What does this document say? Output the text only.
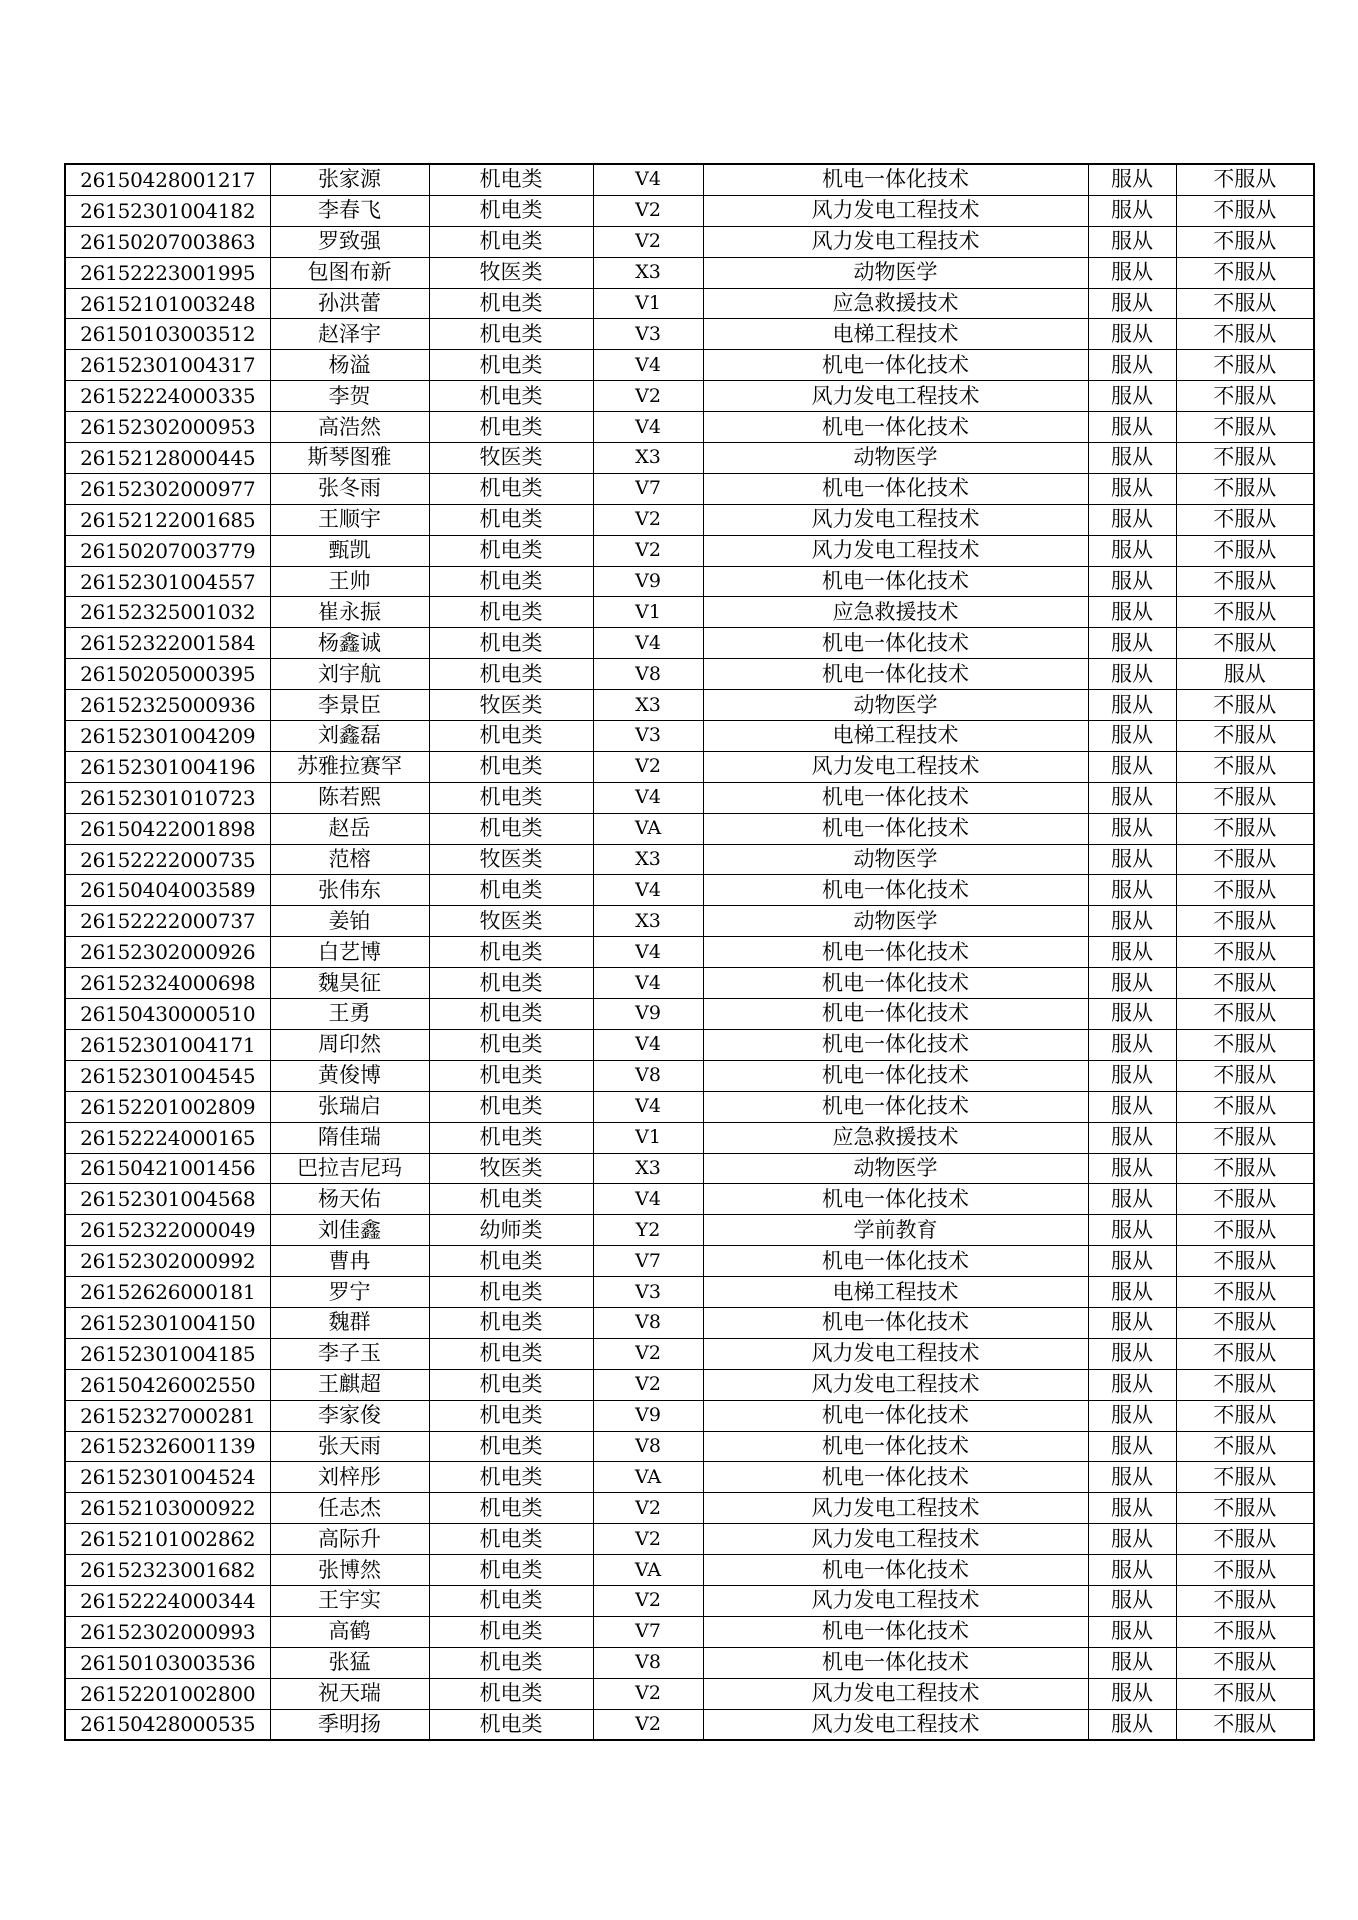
26150428001217	张家源	机电类	V4	机电一体化技术	服从	不服从
26152301004182	李春飞	机电类	V2	风力发电工程技术	服从	不服从
26150207003863	罗致强	机电类	V2	风力发电工程技术	服从	不服从
26152223001995	包图布新	牧医类	X3	动物医学	服从	不服从
26152101003248	孙洪蕾	机电类	V1	应急救援技术	服从	不服从
26150103003512	赵泽宇	机电类	V3	电梯工程技术	服从	不服从
26152301004317	杨溢	机电类	V4	机电一体化技术	服从	不服从
26152224000335	李贺	机电类	V2	风力发电工程技术	服从	不服从
26152302000953	高浩然	机电类	V4	机电一体化技术	服从	不服从
26152128000445	斯琴图雅	牧医类	X3	动物医学	服从	不服从
26152302000977	张冬雨	机电类	V7	机电一体化技术	服从	不服从
26152122001685	王顺宇	机电类	V2	风力发电工程技术	服从	不服从
26150207003779	甄凯	机电类	V2	风力发电工程技术	服从	不服从
26152301004557	王帅	机电类	V9	机电一体化技术	服从	不服从
26152325001032	崔永振	机电类	V1	应急救援技术	服从	不服从
26152322001584	杨鑫诚	机电类	V4	机电一体化技术	服从	不服从
26150205000395	刘宇航	机电类	V8	机电一体化技术	服从	服从
26152325000936	李景臣	牧医类	X3	动物医学	服从	不服从
26152301004209	刘鑫磊	机电类	V3	电梯工程技术	服从	不服从
26152301004196	苏雅拉赛罕	机电类	V2	风力发电工程技术	服从	不服从
26152301010723	陈若熙	机电类	V4	机电一体化技术	服从	不服从
26150422001898	赵岳	机电类	VA	机电一体化技术	服从	不服从
26152222000735	范榕	牧医类	X3	动物医学	服从	不服从
26150404003589	张伟东	机电类	V4	机电一体化技术	服从	不服从
26152222000737	姜铂	牧医类	X3	动物医学	服从	不服从
26152302000926	白艺博	机电类	V4	机电一体化技术	服从	不服从
26152324000698	魏昊征	机电类	V4	机电一体化技术	服从	不服从
26150430000510	王勇	机电类	V9	机电一体化技术	服从	不服从
26152301004171	周印然	机电类	V4	机电一体化技术	服从	不服从
26152301004545	黄俊博	机电类	V8	机电一体化技术	服从	不服从
26152201002809	张瑞启	机电类	V4	机电一体化技术	服从	不服从
26152224000165	隋佳瑞	机电类	V1	应急救援技术	服从	不服从
26150421001456	巴拉吉尼玛	牧医类	X3	动物医学	服从	不服从
26152301004568	杨天佑	机电类	V4	机电一体化技术	服从	不服从
26152322000049	刘佳鑫	幼师类	Y2	学前教育	服从	不服从
26152302000992	曹冉	机电类	V7	机电一体化技术	服从	不服从
26152626000181	罗宁	机电类	V3	电梯工程技术	服从	不服从
26152301004150	魏群	机电类	V8	机电一体化技术	服从	不服从
26152301004185	李子玉	机电类	V2	风力发电工程技术	服从	不服从
26150426002550	王麒超	机电类	V2	风力发电工程技术	服从	不服从
26152327000281	李家俊	机电类	V9	机电一体化技术	服从	不服从
26152326001139	张天雨	机电类	V8	机电一体化技术	服从	不服从
26152301004524	刘梓彤	机电类	VA	机电一体化技术	服从	不服从
26152103000922	任志杰	机电类	V2	风力发电工程技术	服从	不服从
26152101002862	高际升	机电类	V2	风力发电工程技术	服从	不服从
26152323001682	张博然	机电类	VA	机电一体化技术	服从	不服从
26152224000344	王宇实	机电类	V2	风力发电工程技术	服从	不服从
26152302000993	高鹤	机电类	V7	机电一体化技术	服从	不服从
26150103003536	张猛	机电类	V8	机电一体化技术	服从	不服从
26152201002800	祝天瑞	机电类	V2	风力发电工程技术	服从	不服从
26150428000535	季明扬	机电类	V2	风力发电工程技术	服从	不服从
